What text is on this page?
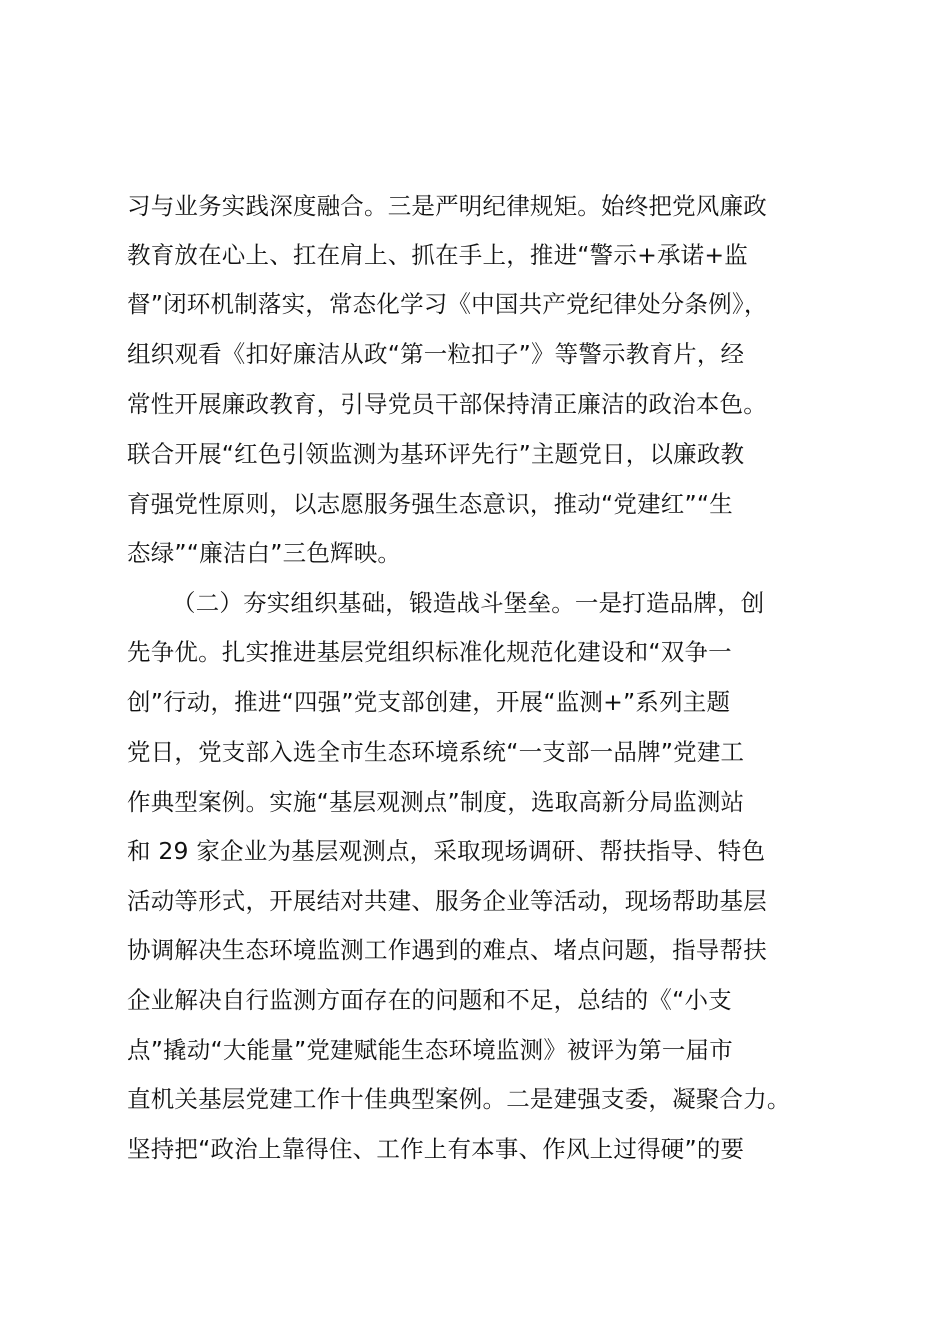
习与业务实践深度融合。三是严明纪律规矩。始终把党风廉政
教育放在心上、扛在肩上、抓在手上，推进“警示+承诺+监
督”闭环机制落实，常态化学习《中国共产党纪律处分条例》，
组织观看《扣好廉洁从政“第一粒扣子”》等警示教育片，经
常性开展廉政教育，引导党员干部保持清正廉洁的政治本色。
联合开展“红色引领监测为基环评先行”主题党日，以廉政教
育强党性原则，以志愿服务强生态意识，推动“党建红”“生
态绿”“廉洁白”三色辉映。
（二）夯实组织基础，锻造战斗堡垒。一是打造品牌，创
先争优。扎实推进基层党组织标准化规范化建设和“双争一
创”行动，推进“四强”党支部创建，开展“监测+”系列主题
党日，党支部入选全市生态环境系统“一支部一品牌”党建工
作典型案例。实施“基层观测点”制度，选取高新分局监测站
和 29 家企业为基层观测点，采取现场调研、帮扶指导、特色
活动等形式，开展结对共建、服务企业等活动，现场帮助基层
协调解决生态环境监测工作遇到的难点、堵点问题，指导帮扶
企业解决自行监测方面存在的问题和不足，总结的《“小支
点”撬动“大能量”党建赋能生态环境监测》被评为第一届市
直机关基层党建工作十佳典型案例。二是建强支委，凝聚合力。
坚持把“政治上靠得住、工作上有本事、作风上过得硬”的要
